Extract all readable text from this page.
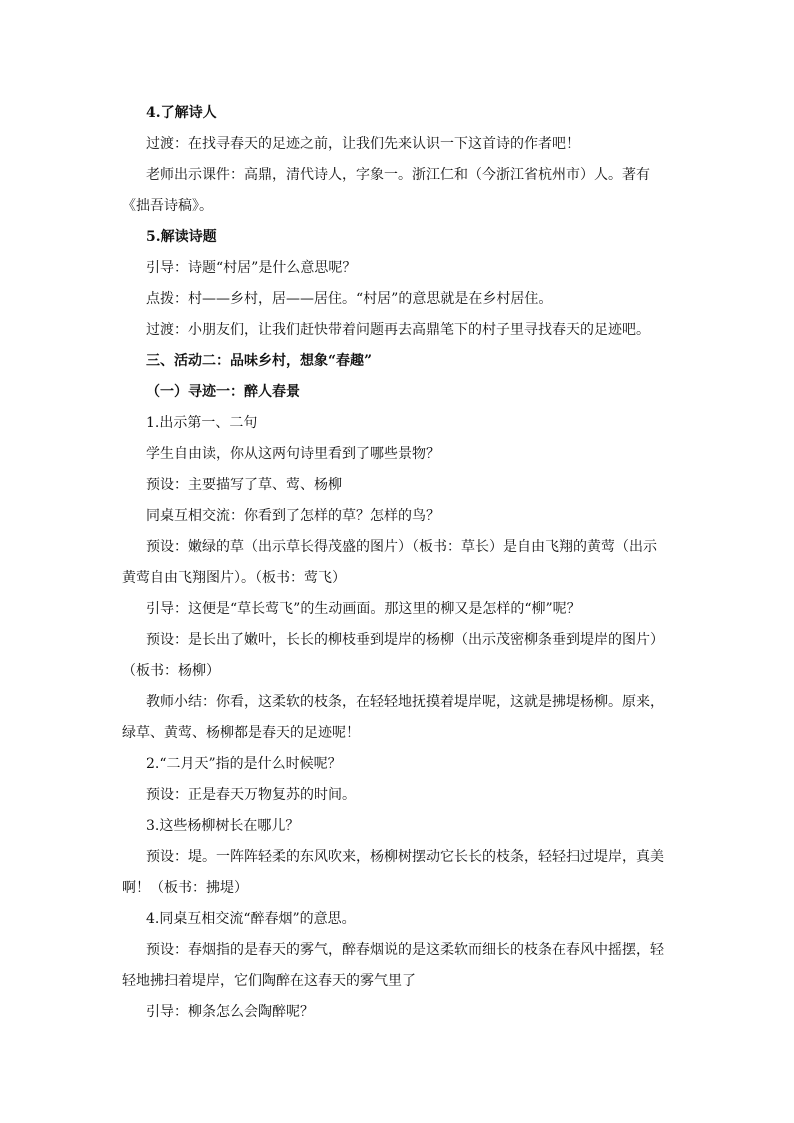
4.了解诗人

过渡：在找寻春天的足迹之前，让我们先来认识一下这首诗的作者吧！

老师出示课件：高鼎，清代诗人，字象一。浙江仁和（今浙江省杭州市）人。著有《拙吾诗稿》。

5.解读诗题

引导：诗题“村居”是什么意思呢？

点拨：村——乡村，居——居住。“村居”的意思就是在乡村居住。

过渡：小朋友们，让我们赶快带着问题再去高鼎笔下的村子里寻找春天的足迹吧。

三、活动二：品味乡村，想象“春趣”

（一）寻迹一：醉人春景

1.出示第一、二句

学生自由读，你从这两句诗里看到了哪些景物？

预设：主要描写了草、莺、杨柳

同桌互相交流：你看到了怎样的草？怎样的鸟？

预设：嫩绿的草（出示草长得茂盛的图片）（板书：草长）是自由飞翔的黄莺（出示黄莺自由飞翔图片）。（板书：莺飞）

引导：这便是“草长莺飞”的生动画面。那这里的柳又是怎样的“柳”呢？

预设：是长出了嫩叶，长长的柳枝垂到堤岸的杨柳（出示茂密柳条垂到堤岸的图片）（板书：杨柳）

教师小结：你看，这柔软的枝条，在轻轻地抚摸着堤岸呢，这就是拂堤杨柳。原来，绿草、黄莺、杨柳都是春天的足迹呢！

2.“二月天”指的是什么时候呢？

预设：正是春天万物复苏的时间。

3.这些杨柳树长在哪儿？

预设：堤。一阵阵轻柔的东风吹来，杨柳树摆动它长长的枝条，轻轻扫过堤岸，真美啊！（板书：拂堤）

4.同桌互相交流“醉春烟”的意思。

预设：春烟指的是春天的雾气，醉春烟说的是这柔软而细长的枝条在春风中摇摆，轻轻地拂扫着堤岸，它们陶醉在这春天的雾气里了

引导：柳条怎么会陶醉呢？
